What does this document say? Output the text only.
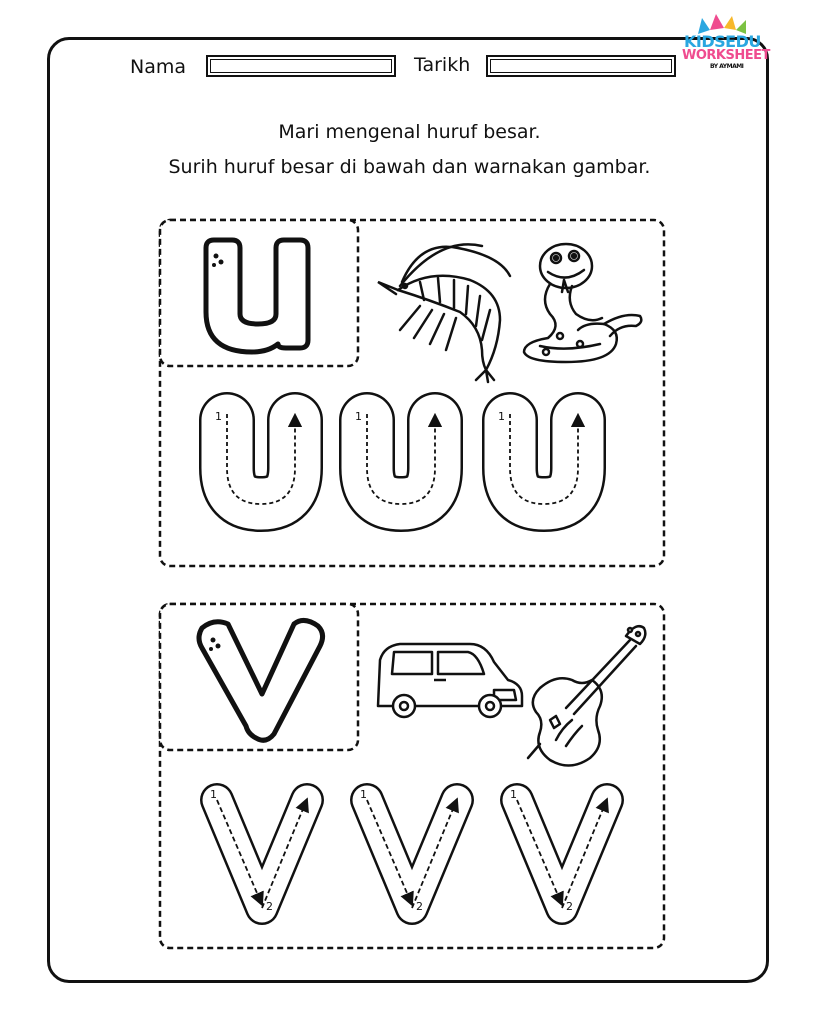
Nama	Tarikh
KIDSEDU
WORKSHEET
BY AYMAMI
Mari mengenal huruf besar.
Surih huruf besar di bawah dan warnakan gambar.
1	1	1
1
2
1
2
1
2
